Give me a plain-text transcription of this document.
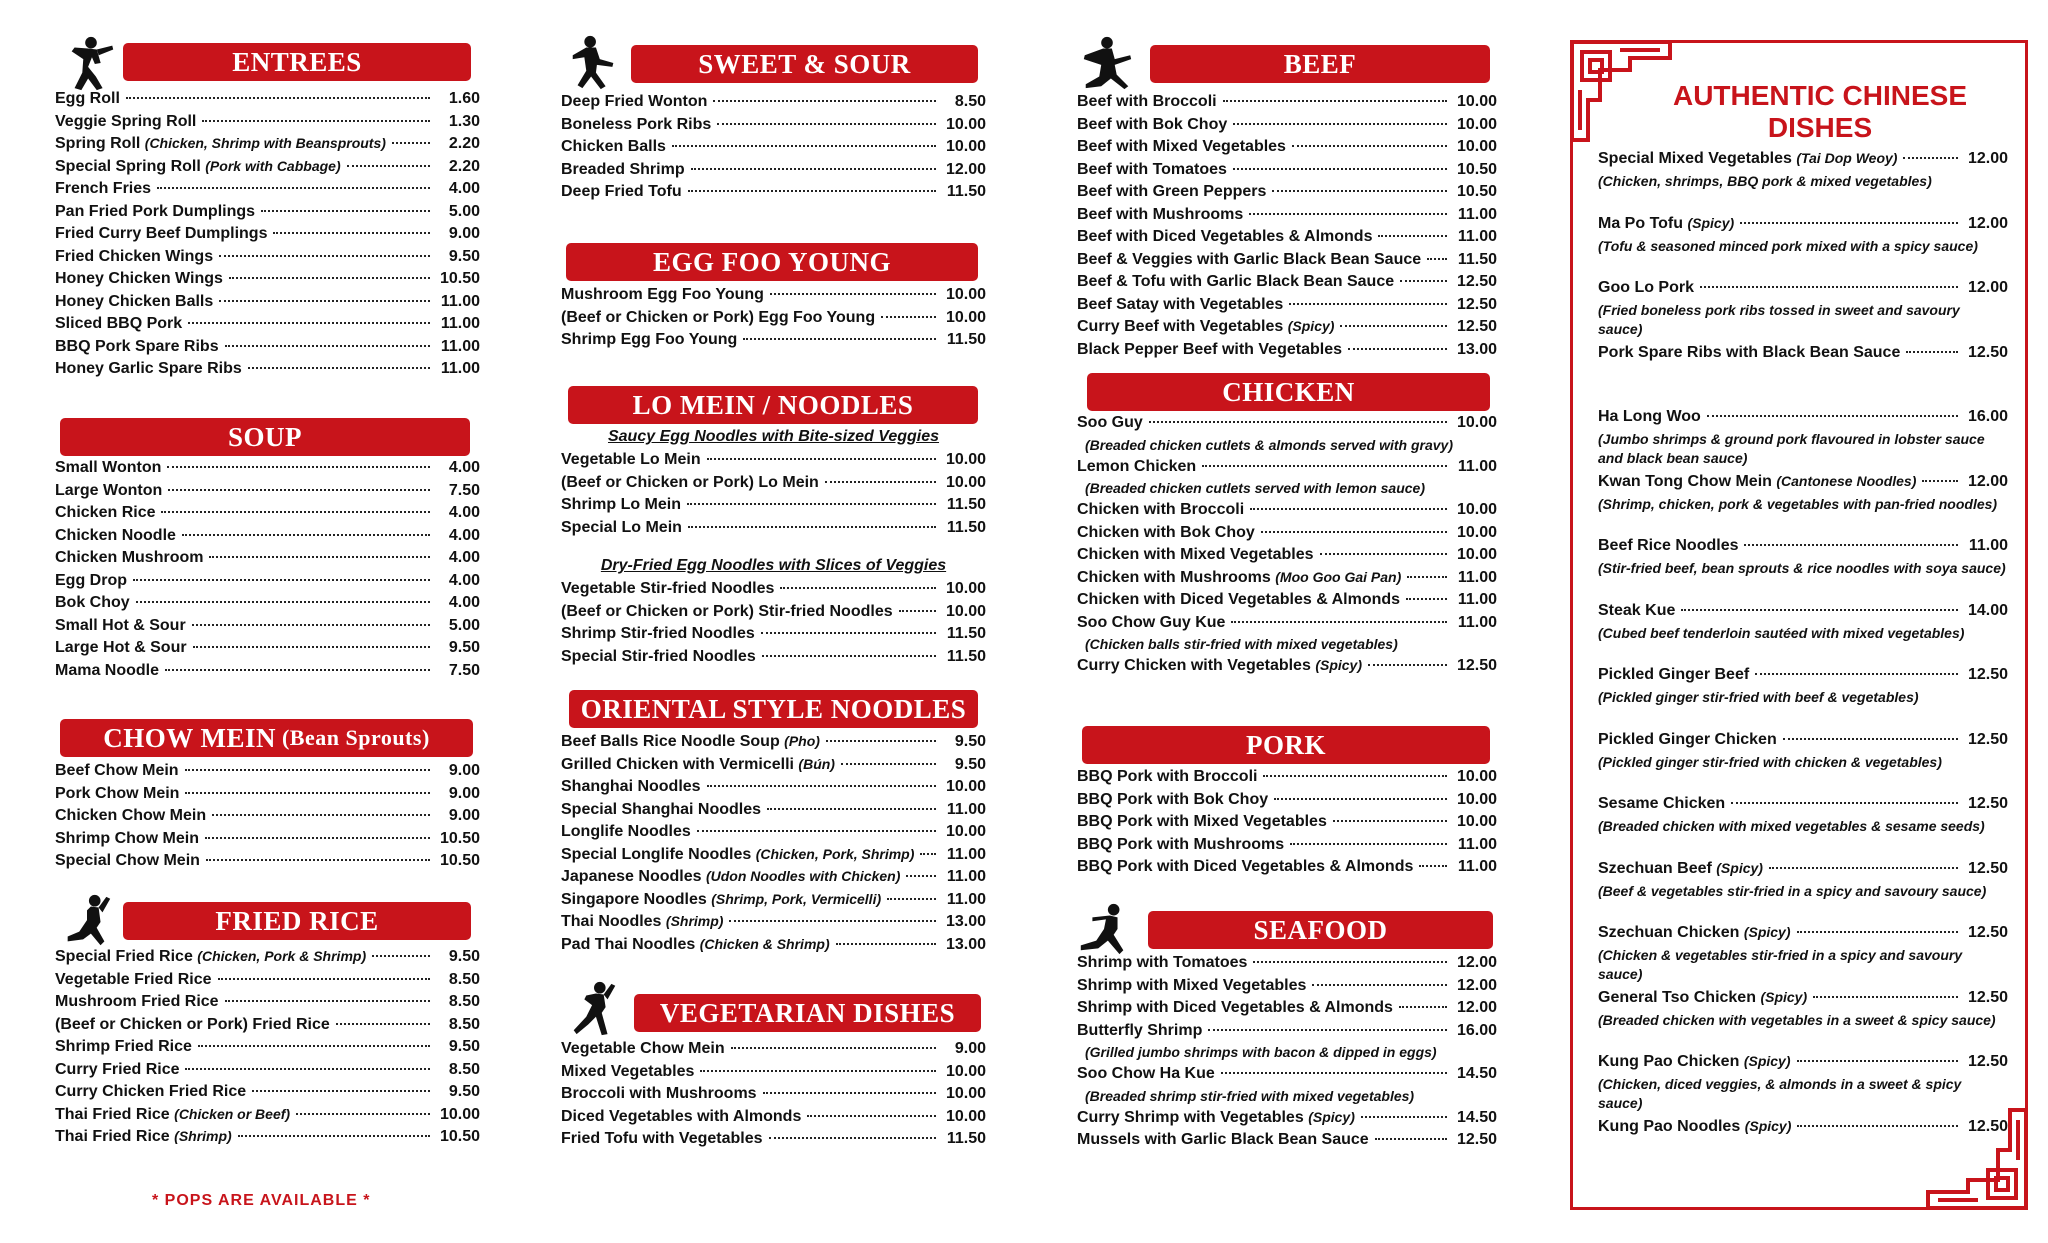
ENTREES
Egg Roll	1.60
Veggie Spring Roll	1.30
Spring Roll (Chicken, Shrimp with Beansprouts)	2.20
Special Spring Roll (Pork with Cabbage)	2.20
French Fries	4.00
Pan Fried Pork Dumplings	5.00
Fried Curry Beef Dumplings	9.00
Fried Chicken Wings	9.50
Honey Chicken Wings	10.50
Honey Chicken Balls	11.00
Sliced BBQ Pork	11.00
BBQ Pork Spare Ribs	11.00
Honey Garlic Spare Ribs	11.00
SOUP
Small Wonton	4.00
Large Wonton	7.50
Chicken Rice	4.00
Chicken Noodle	4.00
Chicken Mushroom	4.00
Egg Drop	4.00
Bok Choy	4.00
Small Hot & Sour	5.00
Large Hot & Sour	9.50
Mama Noodle	7.50
CHOW MEIN (Bean Sprouts)
Beef Chow Mein	9.00
Pork Chow Mein	9.00
Chicken Chow Mein	9.00
Shrimp Chow Mein	10.50
Special Chow Mein	10.50
FRIED RICE
Special Fried Rice (Chicken, Pork & Shrimp)	9.50
Vegetable Fried Rice	8.50
Mushroom Fried Rice	8.50
(Beef or Chicken or Pork) Fried Rice	8.50
Shrimp Fried Rice	9.50
Curry Fried Rice	8.50
Curry Chicken Fried Rice	9.50
Thai Fried Rice (Chicken or Beef)	10.00
Thai Fried Rice (Shrimp)	10.50
* POPS ARE AVAILABLE *
SWEET & SOUR
Deep Fried Wonton	8.50
Boneless Pork Ribs	10.00
Chicken Balls	10.00
Breaded Shrimp	12.00
Deep Fried Tofu	11.50
EGG FOO YOUNG
Mushroom Egg Foo Young	10.00
(Beef or Chicken or Pork) Egg Foo Young	10.00
Shrimp Egg Foo Young	11.50
LO MEIN / NOODLES
Saucy Egg Noodles with Bite-sized Veggies
Vegetable Lo Mein	10.00
(Beef or Chicken or Pork) Lo Mein	10.00
Shrimp Lo Mein	11.50
Special Lo Mein	11.50
Dry-Fried Egg Noodles with Slices of Veggies
Vegetable Stir-fried Noodles	10.00
(Beef or Chicken or Pork) Stir-fried Noodles	10.00
Shrimp Stir-fried Noodles	11.50
Special Stir-fried Noodles	11.50
ORIENTAL STYLE NOODLES
Beef Balls Rice Noodle Soup (Pho)	9.50
Grilled Chicken with Vermicelli (Bún)	9.50
Shanghai Noodles	10.00
Special Shanghai Noodles	11.00
Longlife Noodles	10.00
Special Longlife Noodles (Chicken, Pork, Shrimp)	11.00
Japanese Noodles (Udon Noodles with Chicken)	11.00
Singapore Noodles (Shrimp, Pork, Vermicelli)	11.00
Thai Noodles (Shrimp)	13.00
Pad Thai Noodles (Chicken & Shrimp)	13.00
VEGETARIAN DISHES
Vegetable Chow Mein	9.00
Mixed Vegetables	10.00
Broccoli with Mushrooms	10.00
Diced Vegetables with Almonds	10.00
Fried Tofu with Vegetables	11.50
BEEF
Beef with Broccoli	10.00
Beef with Bok Choy	10.00
Beef with Mixed Vegetables	10.00
Beef with Tomatoes	10.50
Beef with Green Peppers	10.50
Beef with Mushrooms	11.00
Beef with Diced Vegetables & Almonds	11.00
Beef & Veggies with Garlic Black Bean Sauce	11.50
Beef & Tofu with Garlic Black Bean Sauce	12.50
Beef Satay with Vegetables	12.50
Curry Beef with Vegetables (Spicy)	12.50
Black Pepper Beef with Vegetables	13.00
CHICKEN
Soo Guy	10.00
(Breaded chicken cutlets & almonds served with gravy)
Lemon Chicken	11.00
(Breaded chicken cutlets served with lemon sauce)
Chicken with Broccoli	10.00
Chicken with Bok Choy	10.00
Chicken with Mixed Vegetables	10.00
Chicken with Mushrooms (Moo Goo Gai Pan)	11.00
Chicken with Diced Vegetables & Almonds	11.00
Soo Chow Guy Kue	11.00
(Chicken balls stir-fried with mixed vegetables)
Curry Chicken with Vegetables (Spicy)	12.50
PORK
BBQ Pork with Broccoli	10.00
BBQ Pork with Bok Choy	10.00
BBQ Pork with Mixed Vegetables	10.00
BBQ Pork with Mushrooms	11.00
BBQ Pork with Diced Vegetables & Almonds	11.00
SEAFOOD
Shrimp with Tomatoes	12.00
Shrimp with Mixed Vegetables	12.00
Shrimp with Diced Vegetables & Almonds	12.00
Butterfly Shrimp	16.00
(Grilled jumbo shrimps with bacon & dipped in eggs)
Soo Chow Ha Kue	14.50
(Breaded shrimp stir-fried with mixed vegetables)
Curry Shrimp with Vegetables (Spicy)	14.50
Mussels with Garlic Black Bean Sauce	12.50
AUTHENTIC CHINESE DISHES
Special Mixed Vegetables (Tai Dop Weoy)	12.00
(Chicken, shrimps, BBQ pork & mixed vegetables)
Ma Po Tofu (Spicy)	12.00
(Tofu & seasoned minced pork mixed with a spicy sauce)
Goo Lo Pork	12.00
(Fried boneless pork ribs tossed in sweet and savoury sauce)
Pork Spare Ribs with Black Bean Sauce	12.50
Ha Long Woo	16.00
(Jumbo shrimps & ground pork flavoured in lobster sauce and black bean sauce)
Kwan Tong Chow Mein (Cantonese Noodles)	12.00
(Shrimp, chicken, pork & vegetables with pan-fried noodles)
Beef Rice Noodles	11.00
(Stir-fried beef, bean sprouts & rice noodles with soya sauce)
Steak Kue	14.00
(Cubed beef tenderloin sautéed with mixed vegetables)
Pickled Ginger Beef	12.50
(Pickled ginger stir-fried with beef & vegetables)
Pickled Ginger Chicken	12.50
(Pickled ginger stir-fried with chicken & vegetables)
Sesame Chicken	12.50
(Breaded chicken with mixed vegetables & sesame seeds)
Szechuan Beef (Spicy)	12.50
(Beef & vegetables stir-fried in a spicy and savoury sauce)
Szechuan Chicken (Spicy)	12.50
(Chicken & vegetables stir-fried in a spicy and savoury sauce)
General Tso Chicken (Spicy)	12.50
(Breaded chicken with vegetables in a sweet & spicy sauce)
Kung Pao Chicken (Spicy)	12.50
(Chicken, diced veggies, & almonds in a sweet & spicy sauce)
Kung Pao Noodles (Spicy)	12.50
